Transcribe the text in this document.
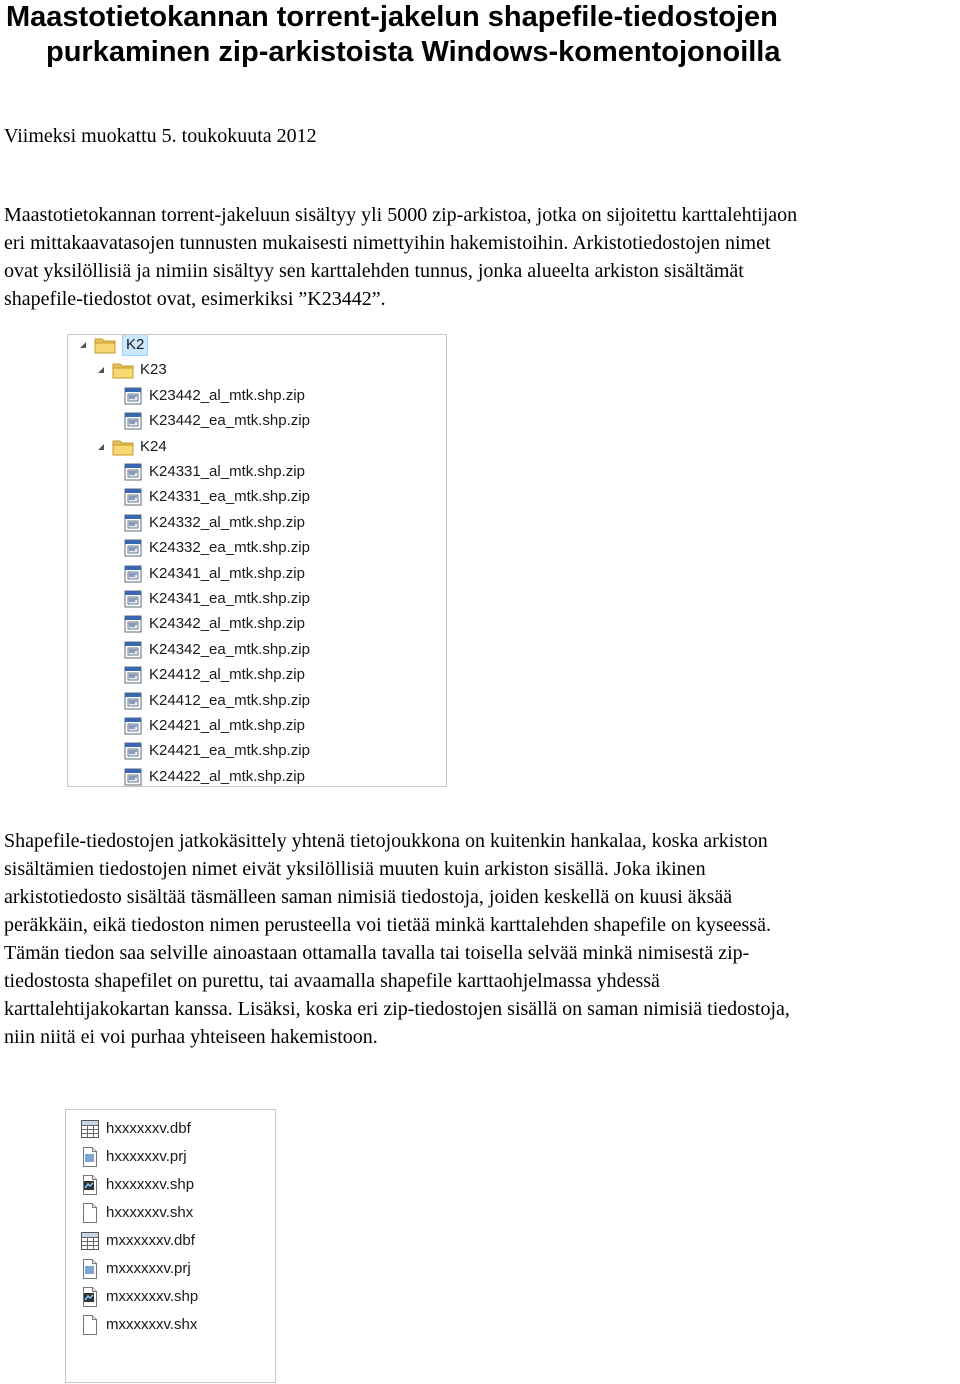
Maastotietokannan torrent-jakelun shapefile-tiedostojen
purkaminen zip-arkistoista Windows-komentojonoilla

Viimeksi muokattu 5. toukokuuta 2012

Maastotietokannan torrent-jakeluun sisältyy yli 5000 zip-arkistoa, jotka on sijoitettu karttalehtijaon
eri mittakaavatasojen tunnusten mukaisesti nimettyihin hakemistoihin. Arkistotiedostojen nimet
ovat yksilöllisiä ja nimiin sisältyy sen karttalehden tunnus, jonka alueelta arkiston sisältämät
shapefile-tiedostot ovat, esimerkiksi ”K23442”.

K2
K23
K23442_al_mtk.shp.zip
K23442_ea_mtk.shp.zip
K24
K24331_al_mtk.shp.zip
K24331_ea_mtk.shp.zip
K24332_al_mtk.shp.zip
K24332_ea_mtk.shp.zip
K24341_al_mtk.shp.zip
K24341_ea_mtk.shp.zip
K24342_al_mtk.shp.zip
K24342_ea_mtk.shp.zip
K24412_al_mtk.shp.zip
K24412_ea_mtk.shp.zip
K24421_al_mtk.shp.zip
K24421_ea_mtk.shp.zip
K24422_al_mtk.shp.zip

Shapefile-tiedostojen jatkokäsittely yhtenä tietojoukkona on kuitenkin hankalaa, koska arkiston
sisältämien tiedostojen nimet eivät yksilöllisiä muuten kuin arkiston sisällä. Joka ikinen
arkistotiedosto sisältää täsmälleen saman nimisiä tiedostoja, joiden keskellä on kuusi äksää
peräkkäin, eikä tiedoston nimen perusteella voi tietää minkä karttalehden shapefile on kyseessä.
Tämän tiedon saa selville ainoastaan ottamalla tavalla tai toisella selvää minkä nimisestä zip-
tiedostosta shapefilet on purettu, tai avaamalla shapefile karttaohjelmassa yhdessä
karttalehtijakokartan kanssa. Lisäksi, koska eri zip-tiedostojen sisällä on saman nimisiä tiedostoja,
niin niitä ei voi purhaa yhteiseen hakemistoon.

hxxxxxxv.dbf
hxxxxxxv.prj
hxxxxxxv.shp
hxxxxxxv.shx
mxxxxxxv.dbf
mxxxxxxv.prj
mxxxxxxv.shp
mxxxxxxv.shx
